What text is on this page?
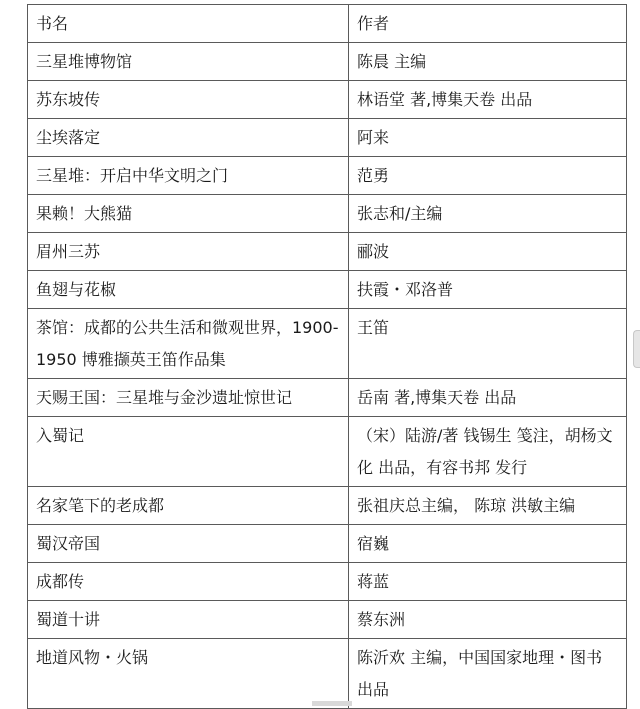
书名	作者
三星堆博物馆	陈晨 主编
苏东坡传	林语堂 著,博集天卷 出品
尘埃落定	阿来
三星堆：开启中华文明之门	范勇
果赖！大熊猫	张志和/主编
眉州三苏	郦波
鱼翅与花椒	扶霞・邓洛普

茶馆：成都的公共生活和微观世界，1900-1950 博雅撷英王笛作品集	王笛

天赐王国：三星堆与金沙遗址惊世记	岳南 著,博集天卷 出品

入蜀记	（宋）陆游/著 钱锡生 笺注，胡杨文化 出品，有容书邦 发行

名家笔下的老成都	张祖庆总主编， 陈琼 洪敏主编
蜀汉帝国	宿巍
成都传	蒋蓝
蜀道十讲	蔡东洲

地道风物・火锅	陈沂欢 主编，中国国家地理・图书 出品
